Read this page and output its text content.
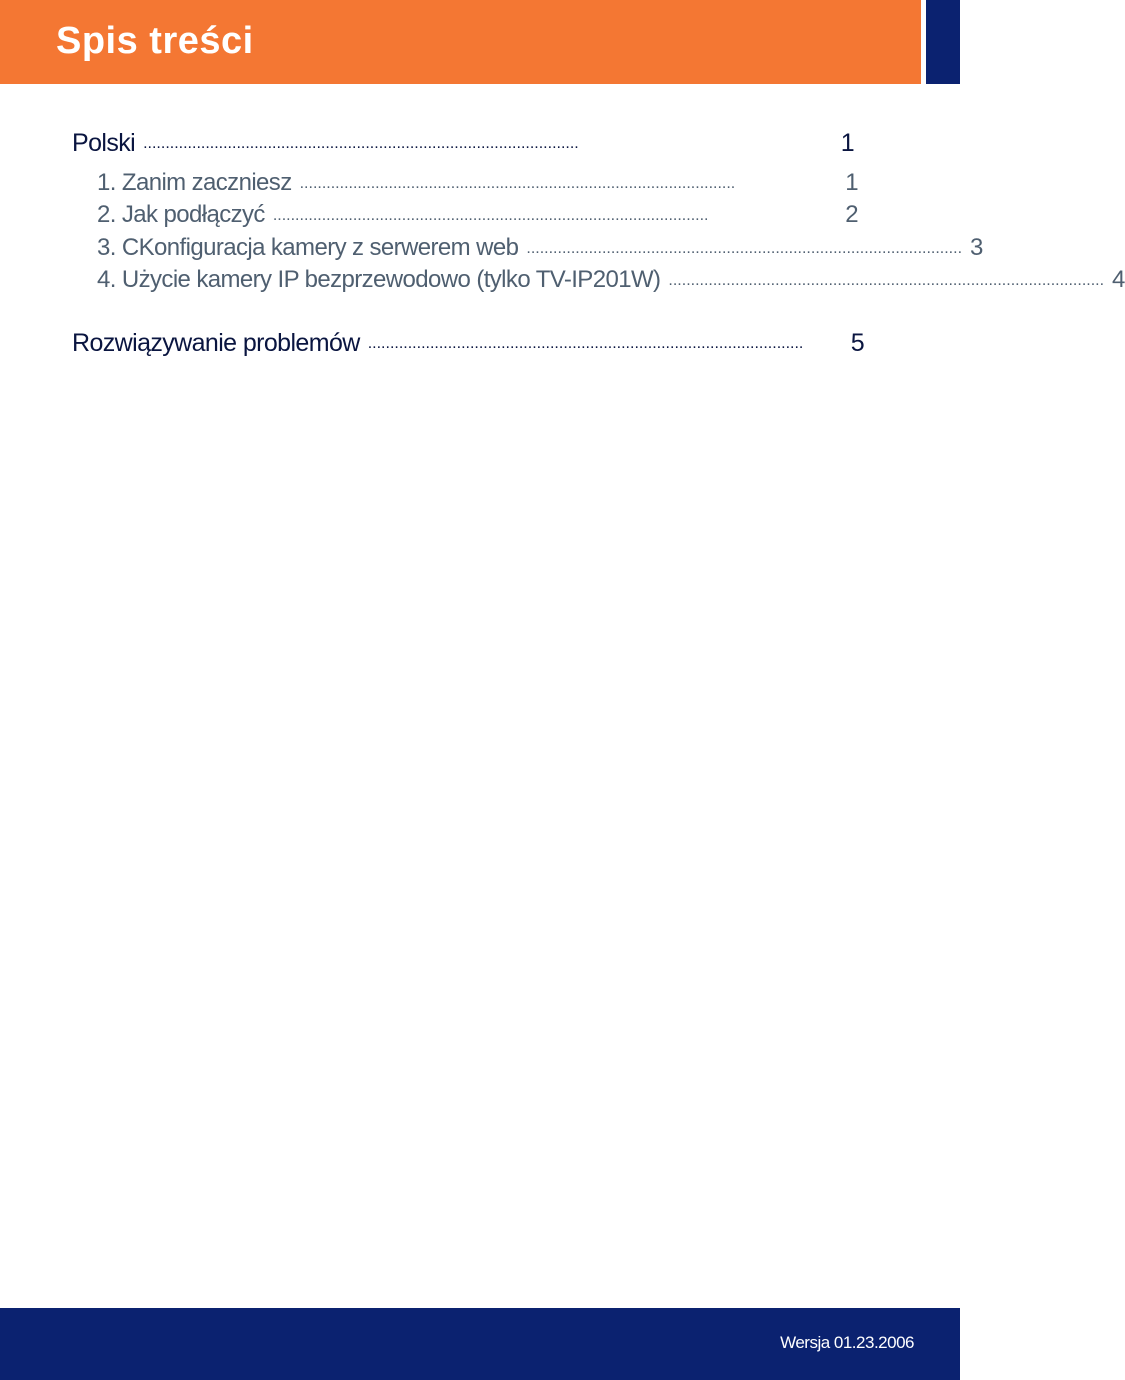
Spis treści
Polski ..................................................................................................	1
1. Zanim zaczniesz ..................................................................................................	1
2. Jak podłączyć ..................................................................................................	2
3. CKonfiguracja kamery z serwerem web .................................................................................................. 3
4. Użycie kamery IP bezprzewodowo (tylko TV-IP201W) .................................................................................................. 4
Rozwiązywanie problemów ..................................................................................................	5
Wersja 01.23.2006
